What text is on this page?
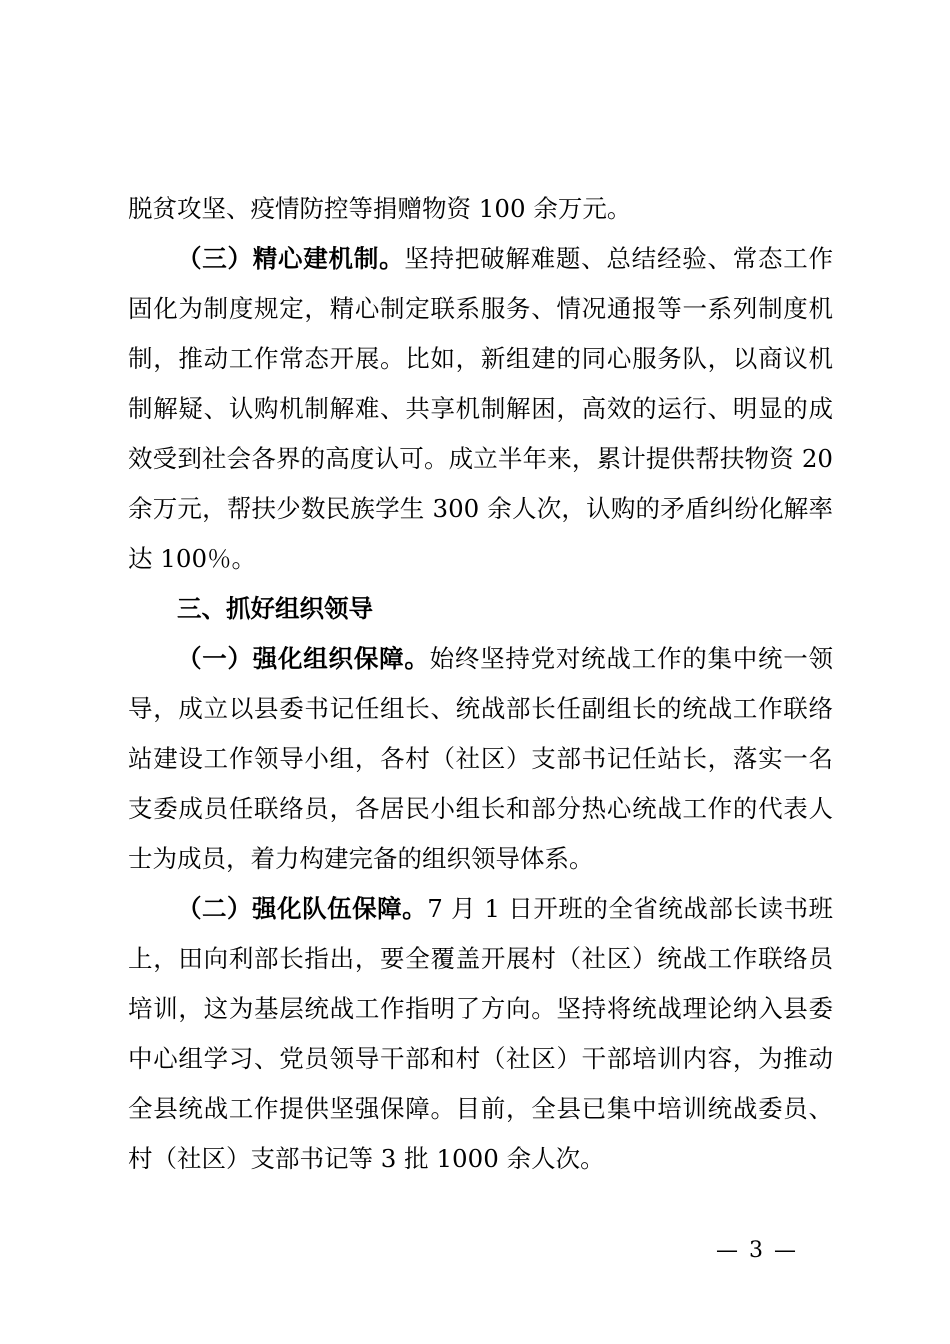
脱贫攻坚、疫情防控等捐赠物资 100 余万元。

（三）精心建机制。坚持把破解难题、总结经验、常态工作固化为制度规定，精心制定联系服务、情况通报等一系列制度机制，推动工作常态开展。比如，新组建的同心服务队，以商议机制解疑、认购机制解难、共享机制解困，高效的运行、明显的成效受到社会各界的高度认可。成立半年来，累计提供帮扶物资 20 余万元，帮扶少数民族学生 300 余人次，认购的矛盾纠纷化解率达 100％。

三、抓好组织领导

（一）强化组织保障。始终坚持党对统战工作的集中统一领导，成立以县委书记任组长、统战部长任副组长的统战工作联络站建设工作领导小组，各村（社区）支部书记任站长，落实一名支委成员任联络员，各居民小组长和部分热心统战工作的代表人士为成员，着力构建完备的组织领导体系。

（二）强化队伍保障。7 月 1 日开班的全省统战部长读书班上，田向利部长指出，要全覆盖开展村（社区）统战工作联络员培训，这为基层统战工作指明了方向。坚持将统战理论纳入县委中心组学习、党员领导干部和村（社区）干部培训内容，为推动全县统战工作提供坚强保障。目前，全县已集中培训统战委员、村（社区）支部书记等 3 批 1000 余人次。

— 3 —
